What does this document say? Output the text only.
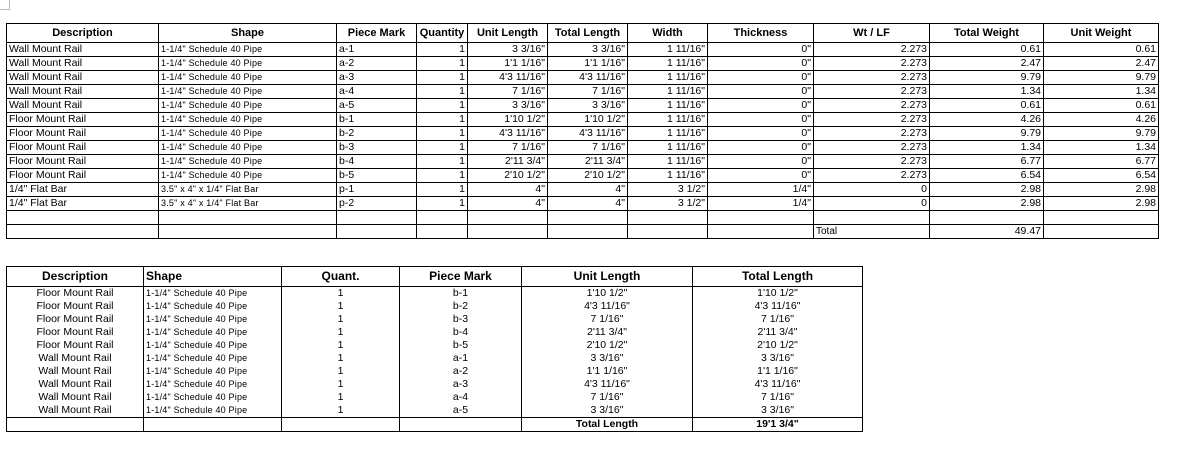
Description	Shape	Piece Mark	Quantity	Unit Length	Total Length	Width	Thickness	Wt / LF	Total Weight	Unit Weight
Wall Mount Rail	1-1/4" Schedule 40 Pipe	a-1	1	3 3/16"	3 3/16"	1 11/16"	0"	2.273	0.61	0.61
Wall Mount Rail	1-1/4" Schedule 40 Pipe	a-2	1	1'1 1/16"	1'1 1/16"	1 11/16"	0"	2.273	2.47	2.47
Wall Mount Rail	1-1/4" Schedule 40 Pipe	a-3	1	4'3 11/16"	4'3 11/16"	1 11/16"	0"	2.273	9.79	9.79
Wall Mount Rail	1-1/4" Schedule 40 Pipe	a-4	1	7 1/16"	7 1/16"	1 11/16"	0"	2.273	1.34	1.34
Wall Mount Rail	1-1/4" Schedule 40 Pipe	a-5	1	3 3/16"	3 3/16"	1 11/16"	0"	2.273	0.61	0.61
Floor Mount Rail	1-1/4" Schedule 40 Pipe	b-1	1	1'10 1/2"	1'10 1/2"	1 11/16"	0"	2.273	4.26	4.26
Floor Mount Rail	1-1/4" Schedule 40 Pipe	b-2	1	4'3 11/16"	4'3 11/16"	1 11/16"	0"	2.273	9.79	9.79
Floor Mount Rail	1-1/4" Schedule 40 Pipe	b-3	1	7 1/16"	7 1/16"	1 11/16"	0"	2.273	1.34	1.34
Floor Mount Rail	1-1/4" Schedule 40 Pipe	b-4	1	2'11 3/4"	2'11 3/4"	1 11/16"	0"	2.273	6.77	6.77
Floor Mount Rail	1-1/4" Schedule 40 Pipe	b-5	1	2'10 1/2"	2'10 1/2"	1 11/16"	0"	2.273	6.54	6.54
1/4" Flat Bar	3.5" x 4" x 1/4" Flat Bar	p-1	1	4"	4"	3 1/2"	1/4"	0	2.98	2.98
1/4" Flat Bar	3.5" x 4" x 1/4" Flat Bar	p-2	1	4"	4"	3 1/2"	1/4"	0	2.98	2.98

								Total	49.47	
Description	Shape	Quant.	Piece Mark	Unit Length	Total Length
Floor Mount Rail	1-1/4" Schedule 40 Pipe	1	b-1	1'10 1/2"	1'10 1/2"
Floor Mount Rail	1-1/4" Schedule 40 Pipe	1	b-2	4'3 11/16"	4'3 11/16"
Floor Mount Rail	1-1/4" Schedule 40 Pipe	1	b-3	7 1/16"	7 1/16"
Floor Mount Rail	1-1/4" Schedule 40 Pipe	1	b-4	2'11 3/4"	2'11 3/4"
Floor Mount Rail	1-1/4" Schedule 40 Pipe	1	b-5	2'10 1/2"	2'10 1/2"
Wall Mount Rail	1-1/4" Schedule 40 Pipe	1	a-1	3 3/16"	3 3/16"
Wall Mount Rail	1-1/4" Schedule 40 Pipe	1	a-2	1'1 1/16"	1'1 1/16"
Wall Mount Rail	1-1/4" Schedule 40 Pipe	1	a-3	4'3 11/16"	4'3 11/16"
Wall Mount Rail	1-1/4" Schedule 40 Pipe	1	a-4	7 1/16"	7 1/16"
Wall Mount Rail	1-1/4" Schedule 40 Pipe	1	a-5	3 3/16"	3 3/16"
				Total Length	19'1 3/4"
